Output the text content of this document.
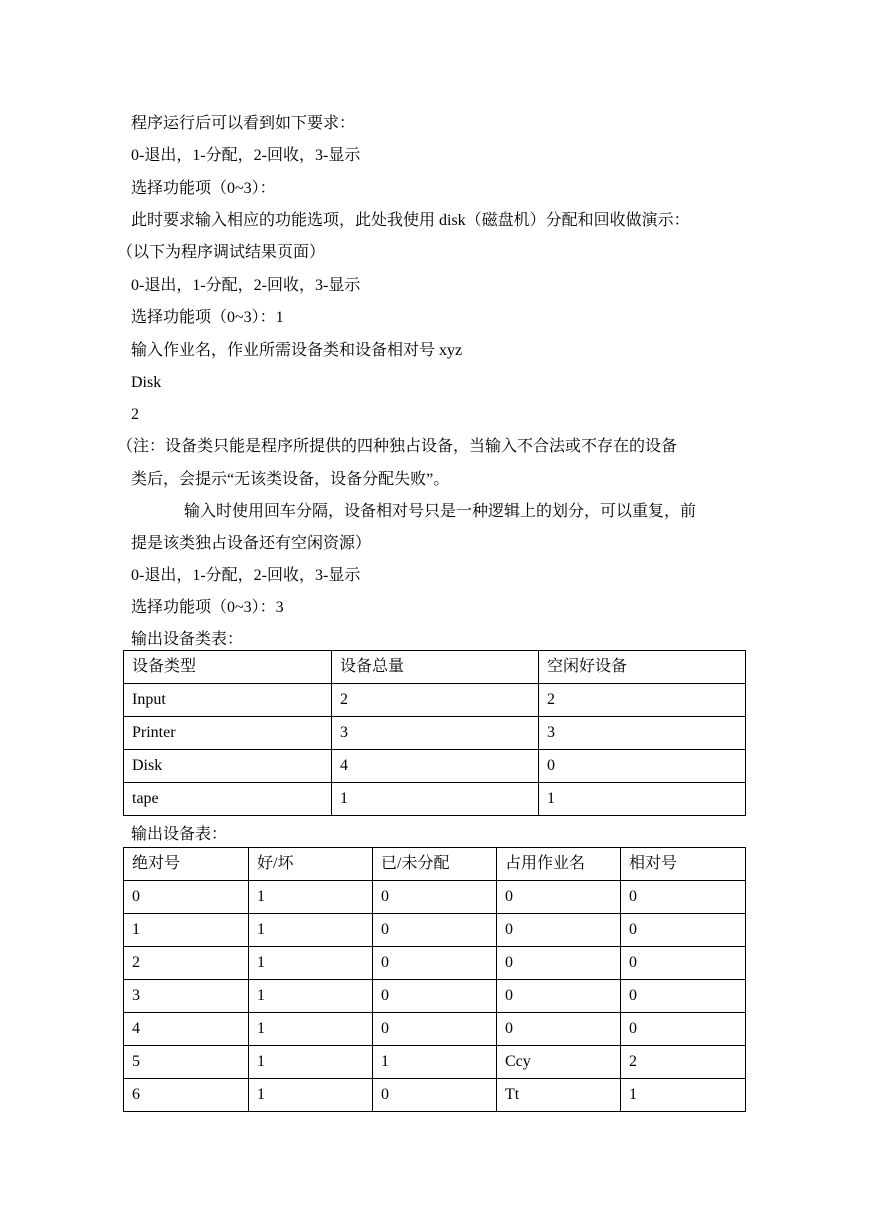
程序运行后可以看到如下要求：
0-退出，1-分配，2-回收，3-显示
选择功能项（0~3）：
此时要求输入相应的功能选项，此处我使用 disk（磁盘机）分配和回收做演示：
（以下为程序调试结果页面）
0-退出，1-分配，2-回收，3-显示
选择功能项（0~3）：1
输入作业名，作业所需设备类和设备相对号 xyz
Disk
2
（注：设备类只能是程序所提供的四种独占设备，当输入不合法或不存在的设备
类后，会提示“无该类设备，设备分配失败”。
输入时使用回车分隔，设备相对号只是一种逻辑上的划分，可以重复，前
提是该类独占设备还有空闲资源）
0-退出，1-分配，2-回收，3-显示
选择功能项（0~3）：3
输出设备类表：
设备类型	设备总量	空闲好设备
Input	2	2
Printer	3	3
Disk	4	0
tape	1	1
输出设备表：
绝对号	好/坏	已/未分配	占用作业名	相对号
0	1	0	0	0
1	1	0	0	0
2	1	0	0	0
3	1	0	0	0
4	1	0	0	0
5	1	1	Ccy	2
6	1	0	Tt	1
